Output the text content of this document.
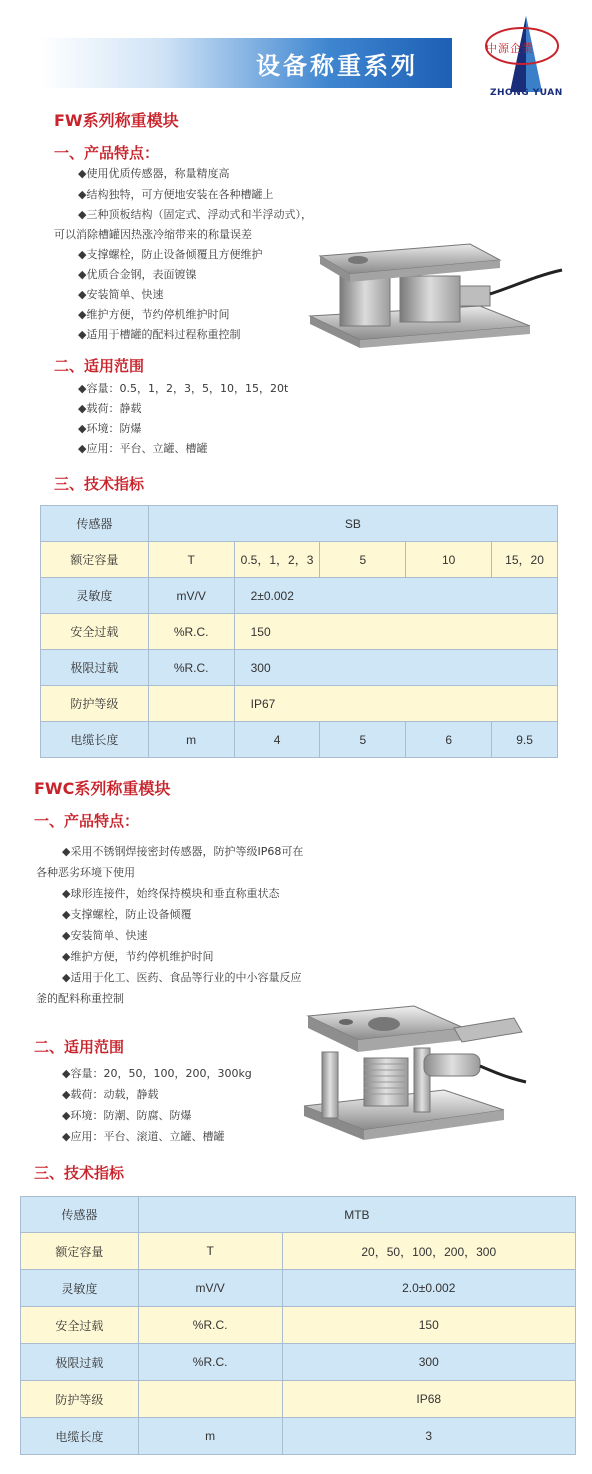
设备称重系列
中源企業
ZHONG YUAN
FW系列称重模块
一、产品特点：
◆使用优质传感器，称量精度高
◆结构独特，可方便地安装在各种槽罐上
◆三种顶板结构（固定式、浮动式和半浮动式），
可以消除槽罐因热涨冷缩带来的称量误差
◆支撑螺栓，防止设备倾覆且方便维护
◆优质合金钢，表面镀镍
◆安装简单、快速
◆维护方便，节约停机维护时间
◆适用于槽罐的配料过程称重控制
二、适用范围
◆容量：0.5，1，2，3，5，10，15，20t
◆载荷：静载
◆环境：防爆
◆应用：平台、立罐、槽罐
三、技术指标
传感器	SB				
额定容量	T	0.5，1，2，3	5	10	15，20
灵敏度	mV/V	2±0.002			
安全过载	%R.C.	150			
极限过载	%R.C.	300			
防护等级		IP67			
电缆长度	m	4	5	6	9.5
FWC系列称重模块
一、产品特点：
◆采用不锈钢焊接密封传感器，防护等级IP68可在
各种恶劣环境下使用
◆球形连接件，始终保持模块和垂直称重状态
◆支撑螺栓，防止设备倾覆
◆安装简单、快速
◆维护方便，节约停机维护时间
◆适用于化工、医药、食品等行业的中小容量反应
釜的配料称重控制
二、适用范围
◆容量：20，50，100，200，300kg
◆载荷：动载，静载
◆环境：防潮、防腐、防爆
◆应用：平台、滚道、立罐、槽罐
三、技术指标
传感器	MTB	
额定容量	T	20，50，100，200，300
灵敏度	mV/V	2.0±0.002
安全过载	%R.C.	150
极限过载	%R.C.	300
防护等级		IP68
电缆长度	m	3
